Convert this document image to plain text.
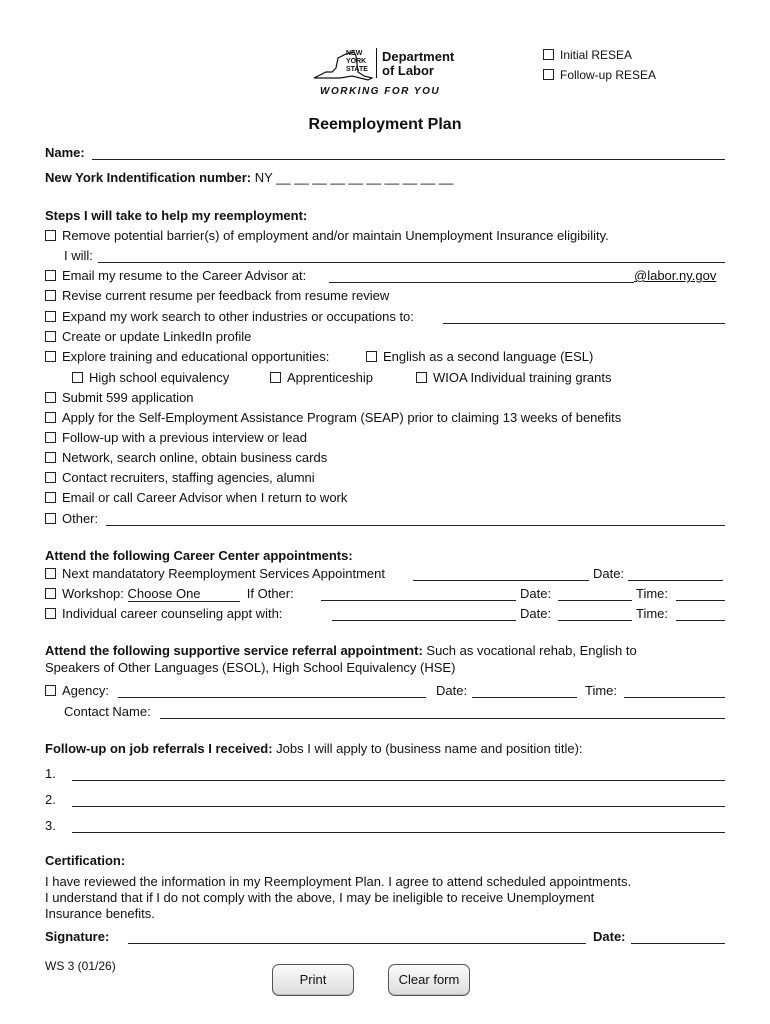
NEW
YORK
STATE
Department
of Labor
WORKING FOR YOU
Initial RESEA
Follow-up RESEA
Reemployment Plan
Name:
New York Indentification number: NY __ __ __ __ __ __ __ __ __ __
Steps I will take to help my reemployment:
Remove potential barrier(s) of employment and/or maintain Unemployment Insurance eligibility.
I will:
Email my resume to the Career Advisor at:	@labor.ny.gov
Revise current resume per feedback from resume review
Expand my work search to other industries or occupations to:
Create or update LinkedIn profile
Explore training and educational opportunities:	English as a second language (ESL)
High school equivalency	Apprenticeship	WIOA Individual training grants
Submit 599 application
Apply for the Self-Employment Assistance Program (SEAP) prior to claiming 13 weeks of benefits
Follow-up with a previous interview or lead
Network, search online, obtain business cards
Contact recruiters, staffing agencies, alumni
Email or call Career Advisor when I return to work
Other:
Attend the following Career Center appointments:
Next mandatatory Reemployment Services Appointment	Date:
Workshop: Choose One	If Other:	Date:	Time:
Individual career counseling appt with:	Date:	Time:
Attend the following supportive service referral appointment: Such as vocational rehab, English to
Speakers of Other Languages (ESOL), High School Equivalency (HSE)
Agency:	Date:	Time:
Contact Name:
Follow-up on job referrals I received: Jobs I will apply to (business name and position title):
1.
2.
3.
Certification:
I have reviewed the information in my Reemployment Plan. I agree to attend scheduled appointments.
I understand that if I do not comply with the above, I may be ineligible to receive Unemployment
Insurance benefits.
Signature:	Date:
WS 3 (01/26)
Print	Clear form
